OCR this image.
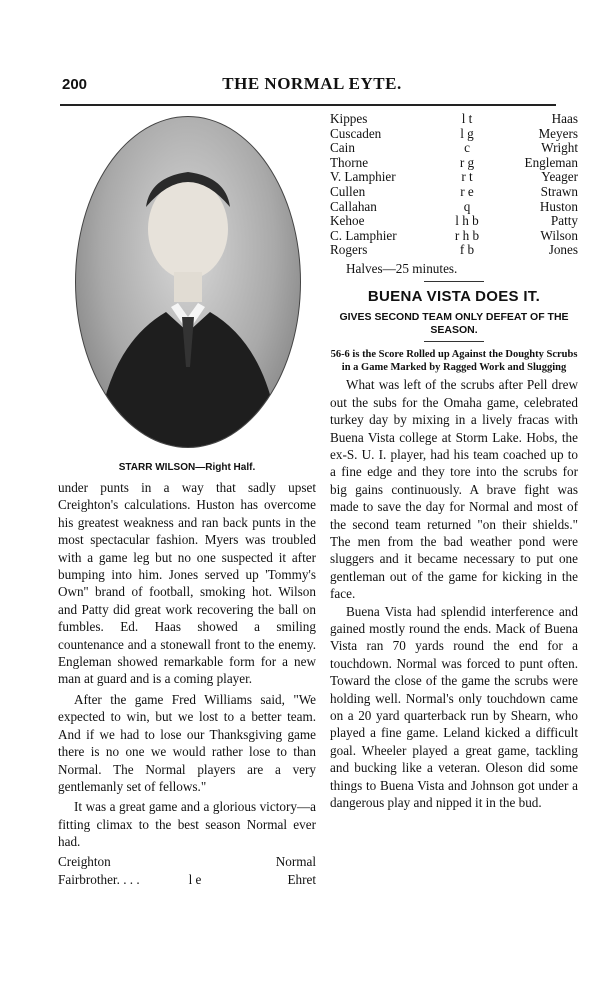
200	THE NORMAL EYTE.
STARR WILSON—Right Half.

under punts in a way that sadly upset Creighton's calculations. Huston has overcome his greatest weakness and ran back punts in the most spectacular fashion. Myers was troubled with a game leg but no one suspected it after bumping into him. Jones served up 'Tommy's Own'' brand of football, smoking hot. Wilson and Patty did great work recovering the ball on fumbles. Ed. Haas showed a smiling countenance and a stonewall front to the enemy. Engleman showed remarkable form for a new man at guard and is a coming player.

After the game Fred Williams said, "We expected to win, but we lost to a better team. And if we had to lose our Thanksgiving game there is no one we would rather lose to than Normal. The Normal players are a very gentlemanly set of fellows."

It was a great game and a glorious victory—a fitting climax to the best season Normal ever had.

Creighton	Normal
Fairbrother. . . .	l e	Ehret
Kippes	l t	Haas
Cuscaden	l g	Meyers
Cain	c	Wright
Thorne	r g	Engleman
V. Lamphier	r t	Yeager
Cullen	r e	Strawn
Callahan	q	Huston
Kehoe	l h b	Patty
C. Lamphier	r h b	Wilson
Rogers	f b	Jones
Halves—25 minutes.
BUENA VISTA DOES IT.
GIVES SECOND TEAM ONLY DEFEAT OF THE SEASON.
56-6 is the Score Rolled up Against the Doughty Scrubs in a Game Marked by Ragged Work and Slugging

What was left of the scrubs after Pell drew out the subs for the Omaha game, celebrated turkey day by mixing in a lively fracas with Buena Vista college at Storm Lake. Hobs, the ex-S. U. I. player, had his team coached up to a fine edge and they tore into the scrubs for big gains continuously. A brave fight was made to save the day for Normal and most of the second team returned "on their shields." The men from the bad weather pond were sluggers and it became necessary to put one gentleman out of the game for kicking in the face.

Buena Vista had splendid interference and gained mostly round the ends. Mack of Buena Vista ran 70 yards round the end for a touchdown. Normal was forced to punt often. Toward the close of the game the scrubs were holding well. Normal's only touchdown came on a 20 yard quarterback run by Shearn, who played a fine game. Leland kicked a difficult goal. Wheeler played a great game, tackling and bucking like a veteran. Oleson did some things to Buena Vista and Johnson got under a dangerous play and nipped it in the bud.
